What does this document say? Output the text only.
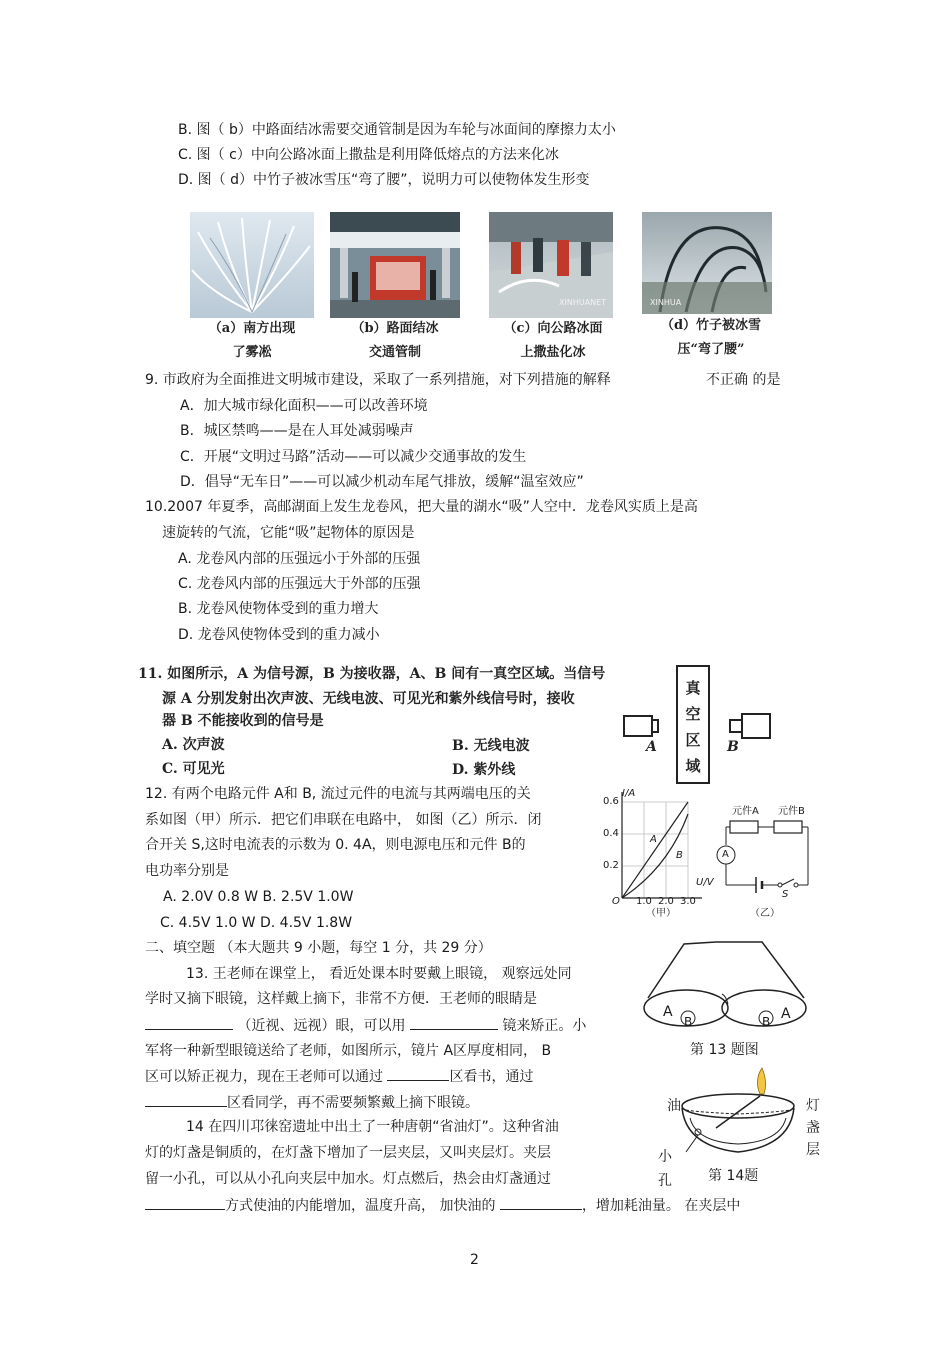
B. 图（ b）中路面结冰需要交通管制是因为车轮与冰面间的摩擦力太小
C. 图（ c）中向公路冰面上撒盐是利用降低熔点的方法来化冰
D. 图（ d）中竹子被冰雪压“弯了腰”，说明力可以使物体发生形变
XINHUANET	XINHUA
（a）南方出现
了雾凇
（b）路面结冰
交通管制
（c）向公路冰面
上撒盐化冰
（d）竹子被冰雪
压“弯了腰”
9. 市政府为全面推进文明城市建设，采取了一系列措施，对下列措施的解释	不正确 的是
A．加大城市绿化面积——可以改善环境
B．城区禁鸣——是在人耳处减弱噪声
C．开展“文明过马路”活动——可以减少交通事故的发生
D．倡导“无车日”——可以减少机动车尾气排放，缓解“温室效应”
10.2007 年夏季，高邮湖面上发生龙卷风，把大量的湖水“吸”人空中．龙卷风实质上是高
速旋转的气流，它能“吸”起物体的原因是
A. 龙卷风内部的压强远小于外部的压强
C. 龙卷风内部的压强远大于外部的压强
B. 龙卷风使物体受到的重力增大
D. 龙卷风使物体受到的重力减小
11. 如图所示，A 为信号源，B 为接收器，A、B 间有一真空区域。当信号
源 A 分别发射出次声波、无线电波、可见光和紫外线信号时，接收
器 B 不能接收到的信号是
A. 次声波	B. 无线电波
C. 可见光	D. 紫外线
真
空
区
域
A	B
12. 有两个电路元件 A和 B, 流过元件的电流与其两端电压的关
系如图（甲）所示．把它们串联在电路中， 如图（乙）所示．闭
合开关 S,这时电流表的示数为 0. 4A，则电源电压和元件 B的
电功率分别是
A. 2.0V 0.8 W B. 2.5V 1.0W
C. 4.5V 1.0 W D. 4.5V 1.8W
I/A
U/V
0.6
0.4
0.2
O 1.0 2.0 3.0
A
B
（甲）
元件A 元件B
A
S
（乙）
二、填空题 （本大题共 9 小题，每空 1 分，共 29 分）
13. 王老师在课堂上， 看近处课本时要戴上眼镜， 观察远处同
学时又摘下眼镜，这样戴上摘下，非常不方便．王老师的眼睛是
（近视、远视）眼，可以用	镜来矫正。小
军将一种新型眼镜送给了老师，如图所示，镜片 A区厚度相同， B
区可以矫正视力，现在王老师可以通过	区看书，通过
区看同学，再不需要频繁戴上摘下眼镜。
A
B	B A
第 13 题图
14 在四川邛徕窑遗址中出土了一种唐朝“省油灯”。这种省油
灯的灯盏是铜质的，在灯盏下增加了一层夹层，又叫夹层灯。夹层
留一小孔，可以从小孔向夹层中加水。灯点燃后，热会由灯盏通过
方式使油的内能增加，温度升高， 加快油的	，增加耗油量。 在夹层中
油	灯
盏
层
小
孔	第 14题
2
